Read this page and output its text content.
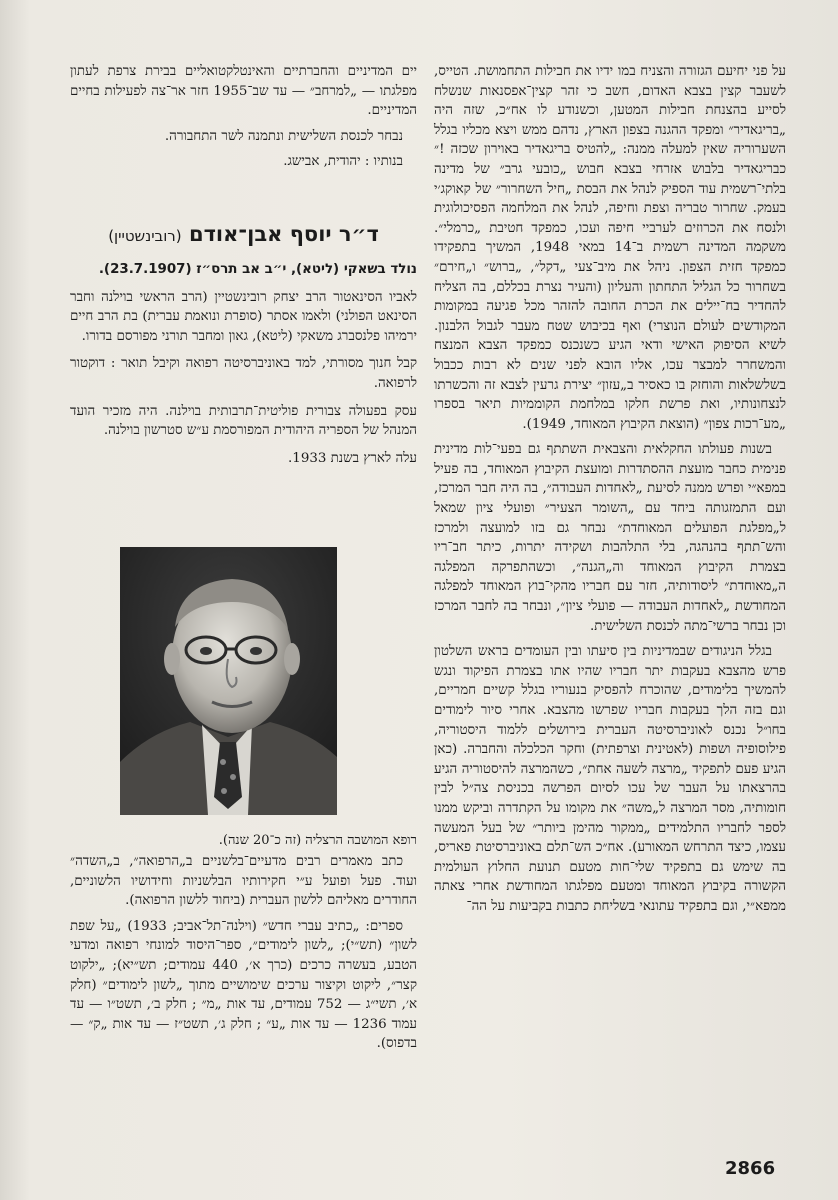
על פני יחיעם הגזורה והצניח במו ידיו את חבילות התחמושת. הטייס, לשעבר קצין בצבא האדום, חשב כי זהר קצין־אפסנאות שנשלח לסייע בהצנחת חבילות המטען, וכשנודע לו אח״כ, שזה היה „בריגאדיר״ ומפקד ההגנה בצפון הארץ, נדהם ממש ויצא מכליו בגלל השערוריה שאין למעלה ממנה: „להטיס בריגאדיר באוירון שכזה !״ כבריגאדיר בלבוש אזרחי בצבא חבוש „כובעי גרב״ של מדינה בלתי־רשמית עוד הספיק לנהל את הבסת „חיל השחרור״ של קאוקג׳י בעמק. שחרור טבריה וצפת וחיפה, לנהל את המלחמה הפסיכולוגית ולנסח את הכרוזים לערביי חיפה ועכו, כמפקד חטיבת „כרמלי״. משקמה המדינה רשמית ב־14 במאי 1948, המשיך בתפקידו כמפקד חזית הצפון. ניהל את מיב־צעי „דקל״, „ברוש״ ו„חירם״ בשחרור כל הגליל התחתון והעליון (והעיר נצרת בכללם, בה הצליח להחדיר בח־יילים את הכרת החובה להזהר מכל פגיעה במקומות המקודשים לעולם הנוצרי) ואף בכיבוש שטח מעבר לגבול הלבנון. לשיא הסיפוק האישי ודאי הגיע כשנכנס כמפקד הצבא המנצח והמשחרר למבצר עכו, אליו הובא לפני שנים לא רבות ככבול בשלשלאות והוחזק בו כאסיר ב„עזון״ יצירת גרעין לצבא זה והכשרתו לנצחונותיו, ואת פרשת חלקו במלחמת הקוממיות תיאר בספרו „מע־רכות צפון״ (הוצאת הקיבוץ המאוחד, 1949).

בשנות פעולתו החקלאית והצבאית השתתף גם בפעי־לות מדינית פנימית כחבר מועצת ההסתדרות ומועצת הקיבוץ המאוחד, בה פעיל במפא״י ופרש ממנה לסיעת „לאחדות העבודה״, בה היה חבר המרכז, ועם התמזגותה ביחד עם „השומר הצעיר״ ופועלי ציון שמאל ל„מפלגת הפועלים המאוחדת״ נבחר גם בזו למועצה ולמרכז והש־תתף בהנהגה, בלי התלהבות ושקידה יתרות, כיתר חב־ריו בצמרת הקיבוץ המאוחד וה„הגנה״, וכשהתפרקה המפלגה ה„מאוחדת״ ליסודותיה, חזר עם חבריו מהקי־בוץ המאוחד למפלגה המחודשת „לאחדות העבודה — פועלי ציון״, ונבחר בה לחבר המרכז וכן נבחר ברשי־מתה לכנסת השלישית.

בגלל הניגודים שבמדיניות בין סיעתו ובין העומדים בראש השלטון פרש מהצבא בעקבות יתר חבריו שהיו אתו בצמרת הפיקוד ונגש להמשיך בלימודים, שהוכרח להפסיק בנעוריו בגלל קשיים חמריים, וגם בזה הלך בעקבות חבריו שפרשו מהצבא. אחרי סיור לימודים בחו״ל נכנס לאוניברסיטה העברית בירושלים ללמוד היסטוריה, פילוסופיה ושפות (לאטינית וצרפתית) וחקר הכלכלה והחברה. (כאן הגיע פעם לתפקיד „מרצה לשעה אחת״, כשהמרצה להיסטוריה הגיע בהרצאתו על העבר של עכו לסיום הפרשה בכניסת צה״ל לבין חומותיה, מסר המרצה ל„משה״ את מקומו על הקתדרה וביקש ממנו לספר לחבריו התלמידים „ממקור מהימן ביותר״ של בעל המעשה עצמו, כיצד התרחש המאורע). אח״כ הש־תלם באוניברסיטת פאריס, בה שימש גם בתפקיד שלי־חות מטעם תנועת החלוץ העולמית הקשורה בקיבוץ המאוחד ומטעם מפלגתו המחודשת אחרי צאתה ממפא״י, וגם בתפקיד עתונאי בשליחת כתבות בקביעות על הה־

יים המדיניים והחברתיים והאינטלקטואליים בבירת צרפת לעתון מפלגתו — „למרחב״ — עד שב־1955 חזר אר־צה לפעילות בחיים המדיניים.

נבחר לכנסת השלישית ונתמנה לשר התחבורה.

בנותיו : יהודית, אבישג.

ד״ר יוסף אבן־אודם (רובינשטיין)

נולד בשאקי (ליטא), י״ב אב תרס״ז (23.7.1907).

לאביו הסינאטור הרב יצחק רובינשטיין (הרב הראשי בוילנה וחבר הסינאט הפולני) ולאמו אסתר (סופרת ונואמת עברית) בת הרב חיים ירמיהו פלנסברג משאקי (ליטא), גאון ומחבר תורני מפורסם בדורו.

קבל חנוך מסורתי, למד באוניברסיטה רפואה וקיבל תואר : דוקטור לרפואה.

עסק בפעולה צבורית פוליטית־תרבותית בוילנה. היה מזכיר הועד המנהל של הספריה היהודית המפורסמת ע״ש סטרשון בוילנה.

עלה לארץ בשנת 1933.

רופא המושבה הרצליה (זה כ־20 שנה).

כתב מאמרים רבים מדעיים־בלשניים ב„הרפואה״, ב„השדה״ ועוד. פעל ופועל ע״י חקירותיו הבלשניות וחידושיו הלשוניים, החודרים מאליהם ללשון העברית (ביחוד ללשון הרפואה).

ספרים: „כתיב עברי חדש״ (וילנה־תל־אביב; 1933) „על שפת לשון״ (תש״י); „לשון לימודים״, ספר־היסוד למונחי רפואה ומדעי הטבע, בעשרה כרכים (כרך א׳, 440 עמודים; תש״יא); „ילקוט קצר״, ליקוט וקיצור ערכים שימושיים מתוך „לשון לימודים״ (חלק א׳, תשי״ג — 752 עמודים, עד אות „מ״ ; חלק ב׳, תשט״ו — עד עמוד 1236 — עד אות „ע״ ; חלק ג׳, תשט״ז — עד אות „ק״ — בדפוס).

2866
